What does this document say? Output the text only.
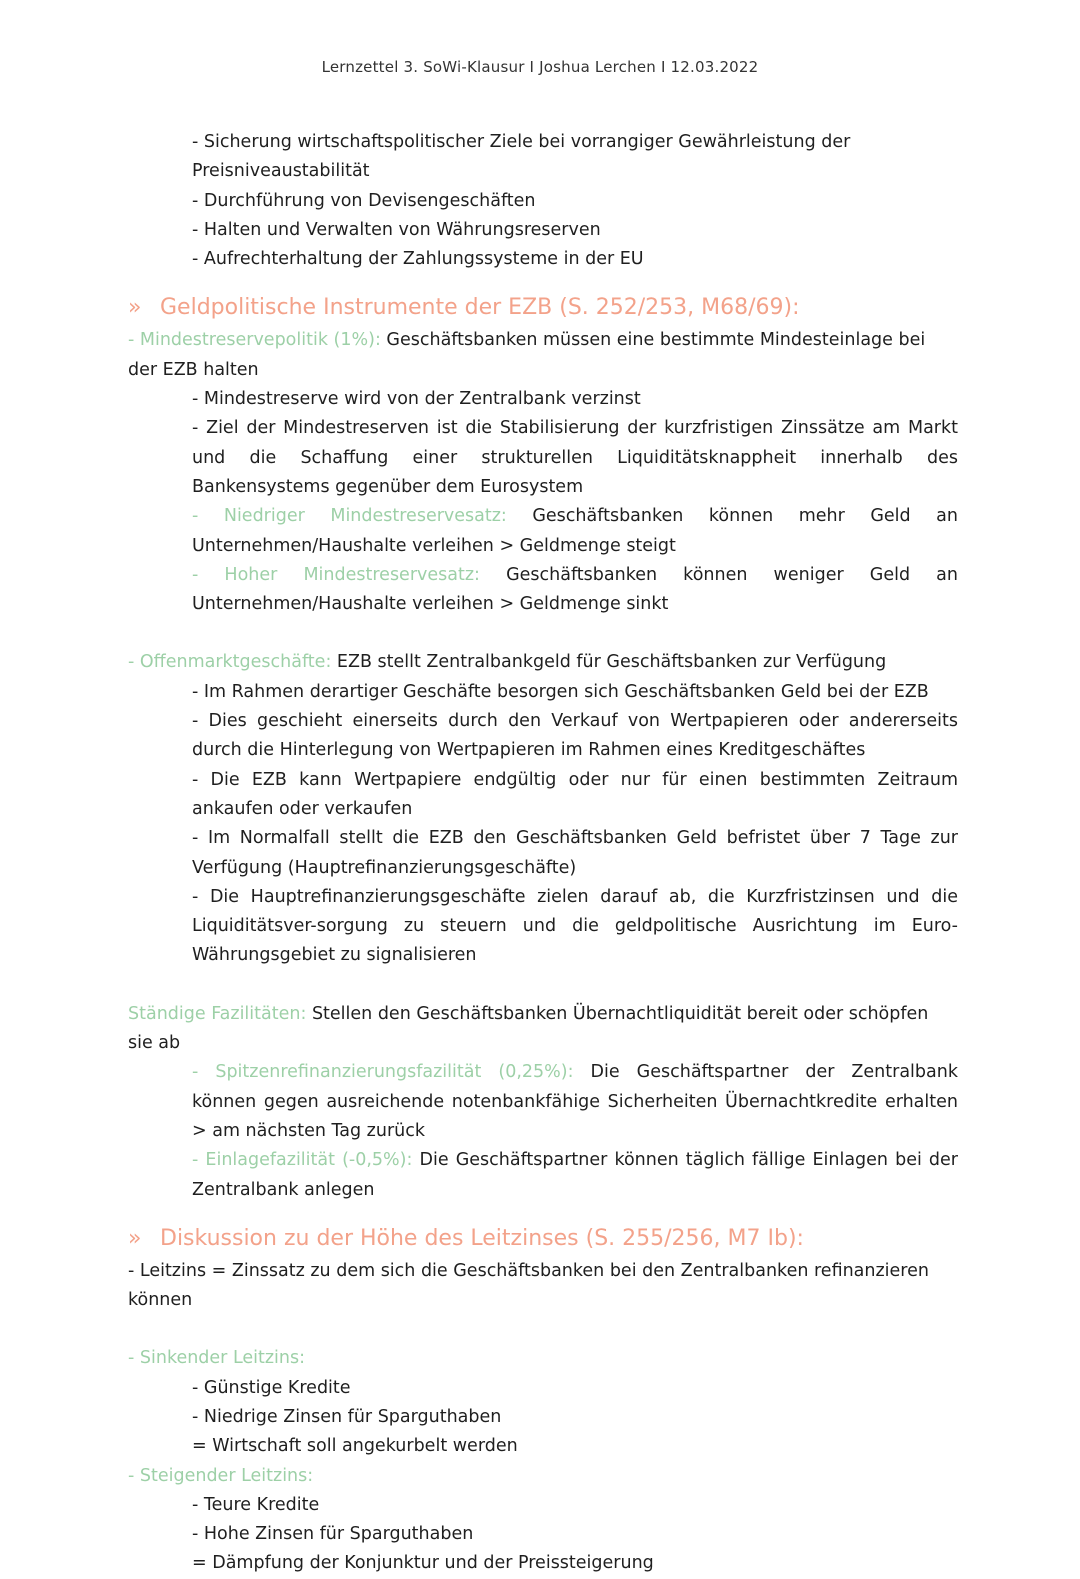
Lernzettel 3. SoWi-Klausur I Joshua Lerchen I 12.03.2022
- Sicherung wirtschaftspolitischer Ziele bei vorrangiger Gewährleistung der Preisniveaustabilität
- Durchführung von Devisengeschäften
- Halten und Verwalten von Währungsreserven
- Aufrechterhaltung der Zahlungssysteme in der EU
» Geldpolitische Instrumente der EZB (S. 252/253, M68/69):
- Mindestreservepolitik (1%): Geschäftsbanken müssen eine bestimmte Mindesteinlage bei der EZB halten
- Mindestreserve wird von der Zentralbank verzinst
- Ziel der Mindestreserven ist die Stabilisierung der kurzfristigen Zinssätze am Markt und die Schaffung einer strukturellen Liquiditätsknappheit innerhalb des Bankensystems gegenüber dem Eurosystem
- Niedriger Mindestreservesatz: Geschäftsbanken können mehr Geld an Unternehmen/Haushalte verleihen > Geldmenge steigt
- Hoher Mindestreservesatz: Geschäftsbanken können weniger Geld an Unternehmen/Haushalte verleihen > Geldmenge sinkt
- Offenmarktgeschäfte: EZB stellt Zentralbankgeld für Geschäftsbanken zur Verfügung
- Im Rahmen derartiger Geschäfte besorgen sich Geschäftsbanken Geld bei der EZB
- Dies geschieht einerseits durch den Verkauf von Wertpapieren oder andererseits durch die Hinterlegung von Wertpapieren im Rahmen eines Kreditgeschäftes
- Die EZB kann Wertpapiere endgültig oder nur für einen bestimmten Zeitraum ankaufen oder verkaufen
- Im Normalfall stellt die EZB den Geschäftsbanken Geld befristet über 7 Tage zur Verfügung (Hauptrefinanzierungsgeschäfte)
- Die Hauptrefinanzierungsgeschäfte zielen darauf ab, die Kurzfristzinsen und die Liquiditätsver-sorgung zu steuern und die geldpolitische Ausrichtung im Euro-Währungsgebiet zu signalisieren
Ständige Fazilitäten: Stellen den Geschäftsbanken Übernachtliquidität bereit oder schöpfen sie ab
- Spitzenrefinanzierungsfazilität (0,25%): Die Geschäftspartner der Zentralbank können gegen ausreichende notenbankfähige Sicherheiten Übernachtkredite erhalten > am nächsten Tag zurück
- Einlagefazilität (-0,5%): Die Geschäftspartner können täglich fällige Einlagen bei der Zentralbank anlegen
» Diskussion zu der Höhe des Leitzinses (S. 255/256, M7 Ib):
- Leitzins = Zinssatz zu dem sich die Geschäftsbanken bei den Zentralbanken refinanzieren können
- Sinkender Leitzins:
- Günstige Kredite
- Niedrige Zinsen für Sparguthaben
= Wirtschaft soll angekurbelt werden
- Steigender Leitzins:
- Teure Kredite
- Hohe Zinsen für Sparguthaben
= Dämpfung der Konjunktur und der Preissteigerung
